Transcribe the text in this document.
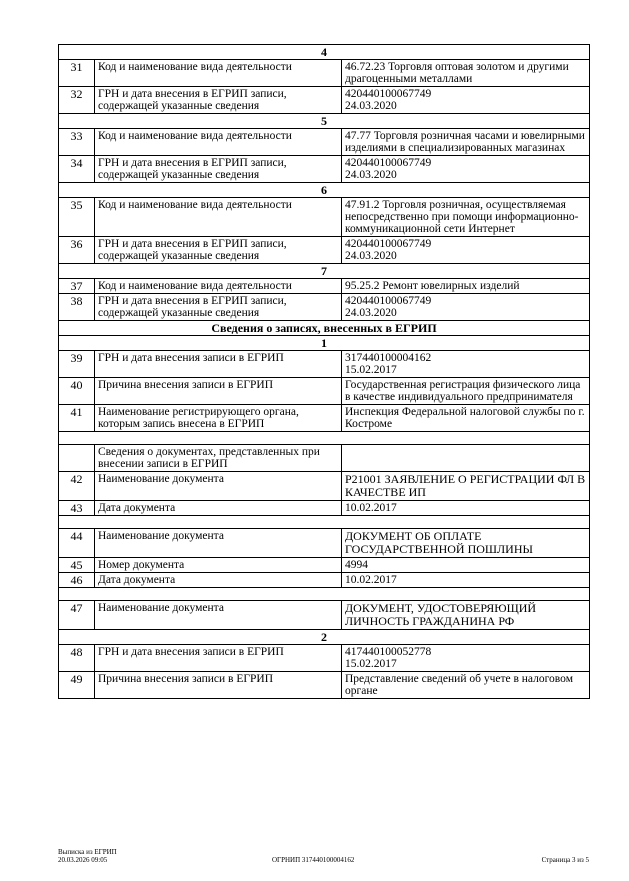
4		
31	Код и наименование вида деятельности	46.72.23 Торговля оптовая золотом и другими драгоценными металлами
32	ГРН и дата внесения в ЕГРИП записи, содержащей указанные сведения	420440100067749
24.03.2020
5		
33	Код и наименование вида деятельности	47.77 Торговля розничная часами и ювелирными изделиями в специализированных магазинах
34	ГРН и дата внесения в ЕГРИП записи, содержащей указанные сведения	420440100067749
24.03.2020
6		
35	Код и наименование вида деятельности	47.91.2 Торговля розничная, осуществляемая непосредственно при помощи информационно-коммуникационной сети Интернет
36	ГРН и дата внесения в ЕГРИП записи, содержащей указанные сведения	420440100067749
24.03.2020
7		
37	Код и наименование вида деятельности	95.25.2 Ремонт ювелирных изделий
38	ГРН и дата внесения в ЕГРИП записи, содержащей указанные сведения	420440100067749
24.03.2020
Сведения о записях, внесенных в ЕГРИП		
1		
39	ГРН и дата внесения записи в ЕГРИП	317440100004162
15.02.2017
40	Причина внесения записи в ЕГРИП	Государственная регистрация физического лица в качестве индивидуального предпринимателя
41	Наименование регистрирующего органа, которым запись внесена в ЕГРИП	Инспекция Федеральной налоговой службы по г. Костроме

	Сведения о документах, представленных при внесении записи в ЕГРИП	
42	Наименование документа	Р21001 ЗАЯВЛЕНИЕ О РЕГИСТРАЦИИ ФЛ В КАЧЕСТВЕ ИП
43	Дата документа	10.02.2017

44	Наименование документа	ДОКУМЕНТ ОБ ОПЛАТЕ ГОСУДАРСТВЕННОЙ ПОШЛИНЫ
45	Номер документа	4994
46	Дата документа	10.02.2017

47	Наименование документа	ДОКУМЕНТ, УДОСТОВЕРЯЮЩИЙ ЛИЧНОСТЬ ГРАЖДАНИНА РФ
2		
48	ГРН и дата внесения записи в ЕГРИП	417440100052778
15.02.2017
49	Причина внесения записи в ЕГРИП	Представление сведений об учете в налоговом органе
Выписка из ЕГРИП
20.03.2026 09:05	ОГРНИП 317440100004162	Страница 3 из 5
